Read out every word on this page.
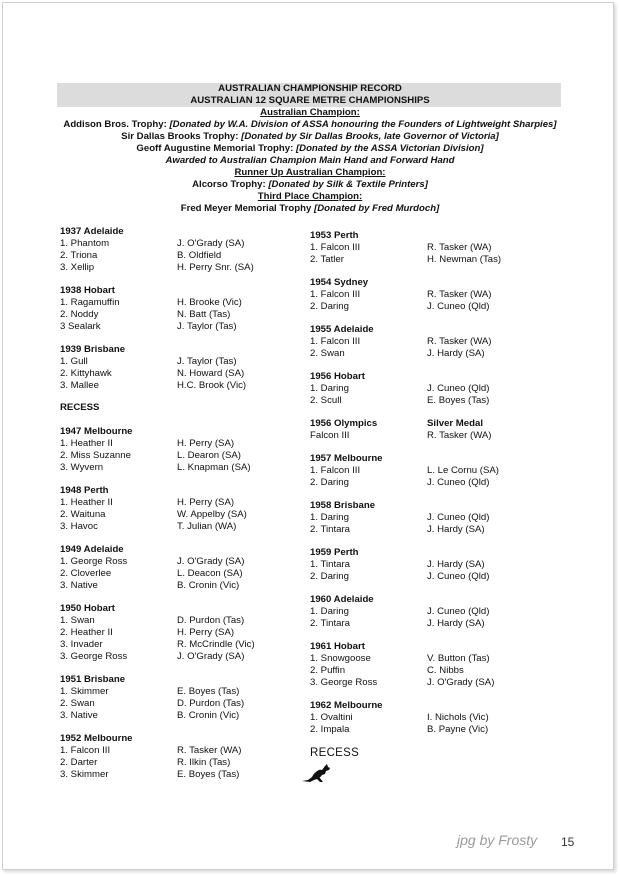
AUSTRALIAN CHAMPIONSHIP RECORD
AUSTRALIAN 12 SQUARE METRE CHAMPIONSHIPS
Australian Champion:
Addison Bros. Trophy: [Donated by W.A. Division of ASSA honouring the Founders of Lightweight Sharpies]
Sir Dallas Brooks Trophy: [Donated by Sir Dallas Brooks, late Governor of Victoria]
Geoff Augustine Memorial Trophy: [Donated by the ASSA Victorian Division]
Awarded to Australian Champion Main Hand and Forward Hand
Runner Up Australian Champion:
Alcorso Trophy: [Donated by Silk & Textile Printers]
Third Place Champion:
Fred Meyer Memorial Trophy [Donated by Fred Murdoch]
1937 Adelaide
1. Phantom	J. O'Grady (SA)
2. Triona	B. Oldfield
3. Xellip	H. Perry Snr. (SA)
1938 Hobart
1. Ragamuffin	H. Brooke (Vic)
2. Noddy	N. Batt (Tas)
3 Sealark	J. Taylor (Tas)
1939 Brisbane
1. Gull	J. Taylor (Tas)
2. Kittyhawk	N. Howard (SA)
3. Mallee	H.C. Brook (Vic)
RECESS
1947 Melbourne
1. Heather II	H. Perry (SA)
2. Miss Suzanne	L. Dearon (SA)
3. Wyvern	L. Knapman (SA)
1948 Perth
1. Heather II	H. Perry (SA)
2. Waituna	W. Appelby (SA)
3. Havoc	T. Julian (WA)
1949 Adelaide
1. George Ross	J. O'Grady (SA)
2. Cloverlee	L. Deacon (SA)
3. Native	B. Cronin (Vic)
1950 Hobart
1. Swan	D. Purdon (Tas)
2. Heather II	H. Perry (SA)
3. Invader	R. McCrindle (Vic)
3. George Ross	J. O'Grady (SA)
1951 Brisbane
1. Skimmer	E. Boyes (Tas)
2. Swan	D. Purdon (Tas)
3. Native	B. Cronin (Vic)
1952 Melbourne
1. Falcon III	R. Tasker (WA)
2. Darter	R. Ilkin (Tas)
3. Skimmer	E. Boyes (Tas)
1953 Perth
1. Falcon III	R. Tasker (WA)
2. Tatler	H. Newman (Tas)
1954 Sydney
1. Falcon III	R. Tasker (WA)
2. Daring	J. Cuneo (Qld)
1955 Adelaide
1. Falcon III	R. Tasker (WA)
2. Swan	J. Hardy (SA)
1956 Hobart
1. Daring	J. Cuneo (Qld)
2. Scull	E. Boyes (Tas)
1956 Olympics	Silver Medal
Falcon III	R. Tasker (WA)
1957 Melbourne
1. Falcon III	L. Le Cornu (SA)
2. Daring	J. Cuneo (Qld)
1958 Brisbane
1. Daring	J. Cuneo (Qld)
2. Tintara	J. Hardy (SA)
1959 Perth
1. Tintara	J. Hardy (SA)
2. Daring	J. Cuneo (Qld)
1960 Adelaide
1. Daring	J. Cuneo (Qld)
2. Tintara	J. Hardy (SA)
1961 Hobart
1. Snowgoose	V. Button (Tas)
2. Puffin	C. Nibbs
3. George Ross	J. O'Grady (SA)
1962 Melbourne
1. Ovaltini	I. Nichols (Vic)
2. Impala	B. Payne (Vic)
RECESS
jpg by Frosty 15
